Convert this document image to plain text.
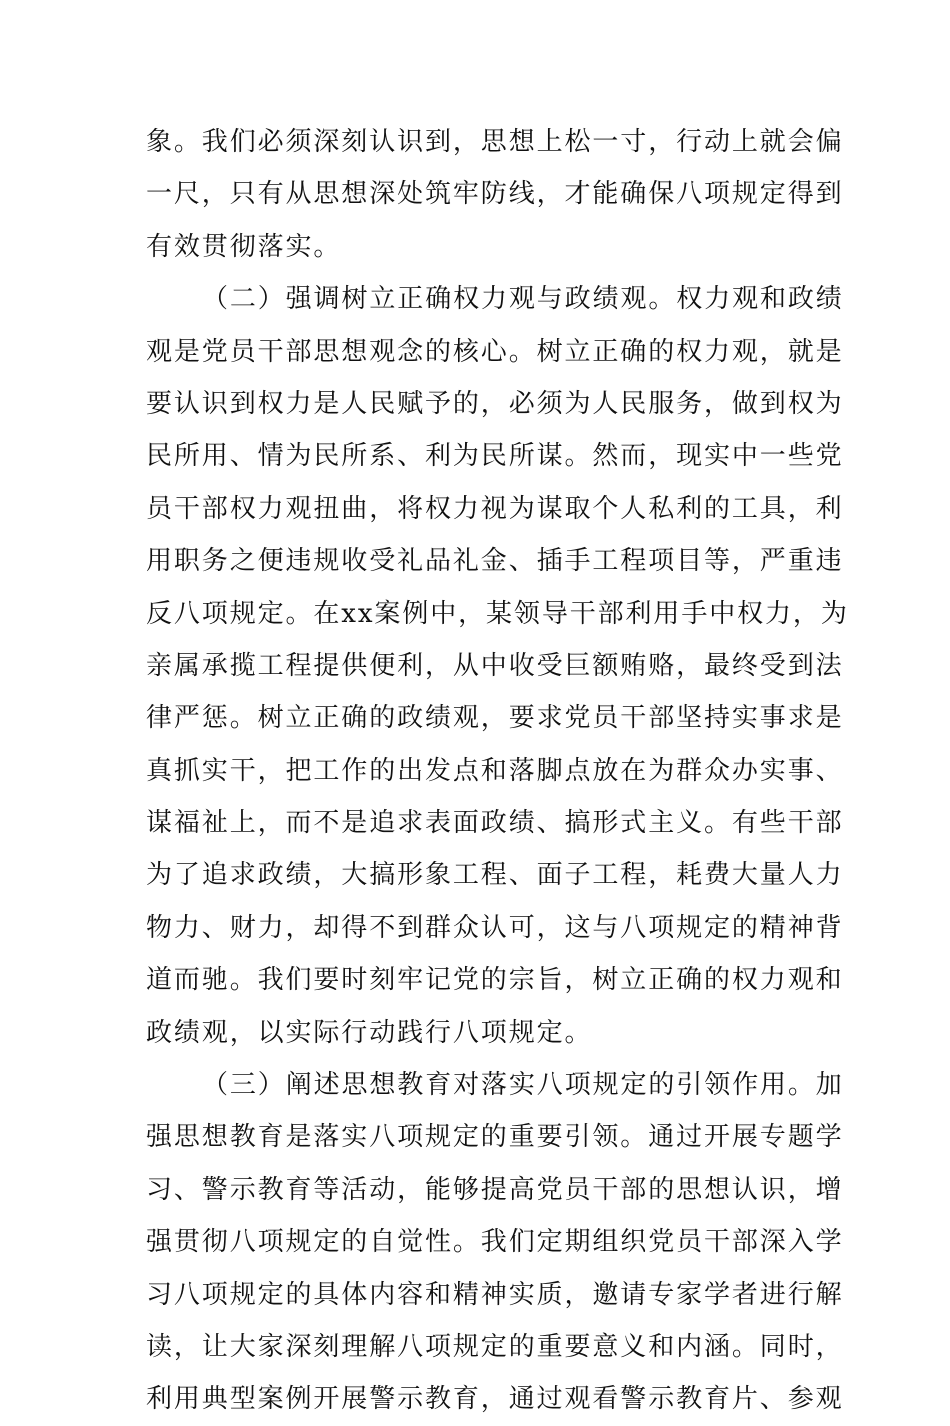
象。我们必须深刻认识到，思想上松一寸，行动上就会偏
一尺，只有从思想深处筑牢防线，才能确保八项规定得到
有效贯彻落实。
（二）强调树立正确权力观与政绩观。权力观和政绩
观是党员干部思想观念的核心。树立正确的权力观，就是
要认识到权力是人民赋予的，必须为人民服务，做到权为
民所用、情为民所系、利为民所谋。然而，现实中一些党
员干部权力观扭曲，将权力视为谋取个人私利的工具，利
用职务之便违规收受礼品礼金、插手工程项目等，严重违
反八项规定。在xx案例中，某领导干部利用手中权力，为
亲属承揽工程提供便利，从中收受巨额贿赂，最终受到法
律严惩。树立正确的政绩观，要求党员干部坚持实事求是
真抓实干，把工作的出发点和落脚点放在为群众办实事、
谋福祉上，而不是追求表面政绩、搞形式主义。有些干部
为了追求政绩，大搞形象工程、面子工程，耗费大量人力
物力、财力，却得不到群众认可，这与八项规定的精神背
道而驰。我们要时刻牢记党的宗旨，树立正确的权力观和
政绩观，以实际行动践行八项规定。
（三）阐述思想教育对落实八项规定的引领作用。加
强思想教育是落实八项规定的重要引领。通过开展专题学
习、警示教育等活动，能够提高党员干部的思想认识，增
强贯彻八项规定的自觉性。我们定期组织党员干部深入学
习八项规定的具体内容和精神实质，邀请专家学者进行解
读，让大家深刻理解八项规定的重要意义和内涵。同时，
利用典型案例开展警示教育，通过观看警示教育片、参观
